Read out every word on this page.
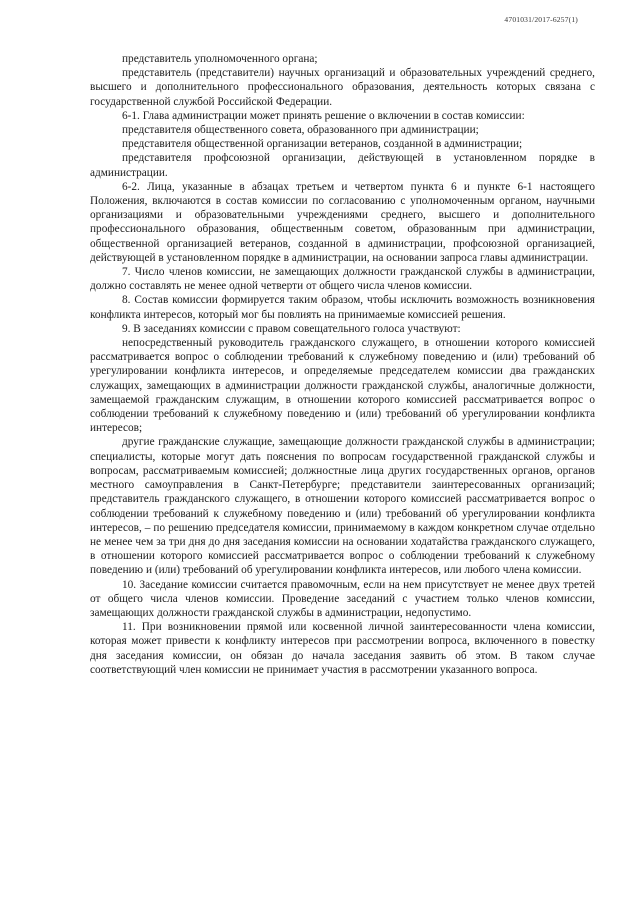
4701031/2017-6257(1)

представитель уполномоченного органа;

представитель (представители) научных организаций и образовательных учреждений среднего, высшего и дополнительного профессионального образования, деятельность которых связана с государственной службой Российской Федерации.

6-1. Глава администрации может принять решение о включении в состав комиссии:

представителя общественного совета, образованного при администрации;

представителя общественной организации ветеранов, созданной в администрации;

представителя профсоюзной организации, действующей в установленном порядке в администрации.

6-2. Лица, указанные в абзацах третьем и четвертом пункта 6 и пункте 6-1 настоящего Положения, включаются в состав комиссии по согласованию с уполномоченным органом, научными организациями и образовательными учреждениями среднего, высшего и дополнительного профессионального образования, общественным советом, образованным при администрации, общественной организацией ветеранов, созданной в администрации, профсоюзной организацией, действующей в установленном порядке в администрации, на основании запроса главы администрации.

7. Число членов комиссии, не замещающих должности гражданской службы в администрации, должно составлять не менее одной четверти от общего числа членов комиссии.

8. Состав комиссии формируется таким образом, чтобы исключить возможность возникновения конфликта интересов, который мог бы повлиять на принимаемые комиссией решения.

9. В заседаниях комиссии с правом совещательного голоса участвуют:

непосредственный руководитель гражданского служащего, в отношении которого комиссией рассматривается вопрос о соблюдении требований к служебному поведению и (или) требований об урегулировании конфликта интересов, и определяемые председателем комиссии два гражданских служащих, замещающих в администрации должности гражданской службы, аналогичные должности, замещаемой гражданским служащим, в отношении которого комиссией рассматривается вопрос о соблюдении требований к служебному поведению и (или) требований об урегулировании конфликта интересов;

другие гражданские служащие, замещающие должности гражданской службы в администрации; специалисты, которые могут дать пояснения по вопросам государственной гражданской службы и вопросам, рассматриваемым комиссией; должностные лица других государственных органов, органов местного самоуправления в Санкт-Петербурге; представители заинтересованных организаций; представитель гражданского служащего, в отношении которого комиссией рассматривается вопрос о соблюдении требований к служебному поведению и (или) требований об урегулировании конфликта интересов, – по решению председателя комиссии, принимаемому в каждом конкретном случае отдельно не менее чем за три дня до дня заседания комиссии на основании ходатайства гражданского служащего, в отношении которого комиссией рассматривается вопрос о соблюдении требований к служебному поведению и (или) требований об урегулировании конфликта интересов, или любого члена комиссии.

10. Заседание комиссии считается правомочным, если на нем присутствует не менее двух третей от общего числа членов комиссии. Проведение заседаний с участием только членов комиссии, замещающих должности гражданской службы в администрации, недопустимо.

11. При возникновении прямой или косвенной личной заинтересованности члена комиссии, которая может привести к конфликту интересов при рассмотрении вопроса, включенного в повестку дня заседания комиссии, он обязан до начала заседания заявить об этом. В таком случае соответствующий член комиссии не принимает участия в рассмотрении указанного вопроса.
